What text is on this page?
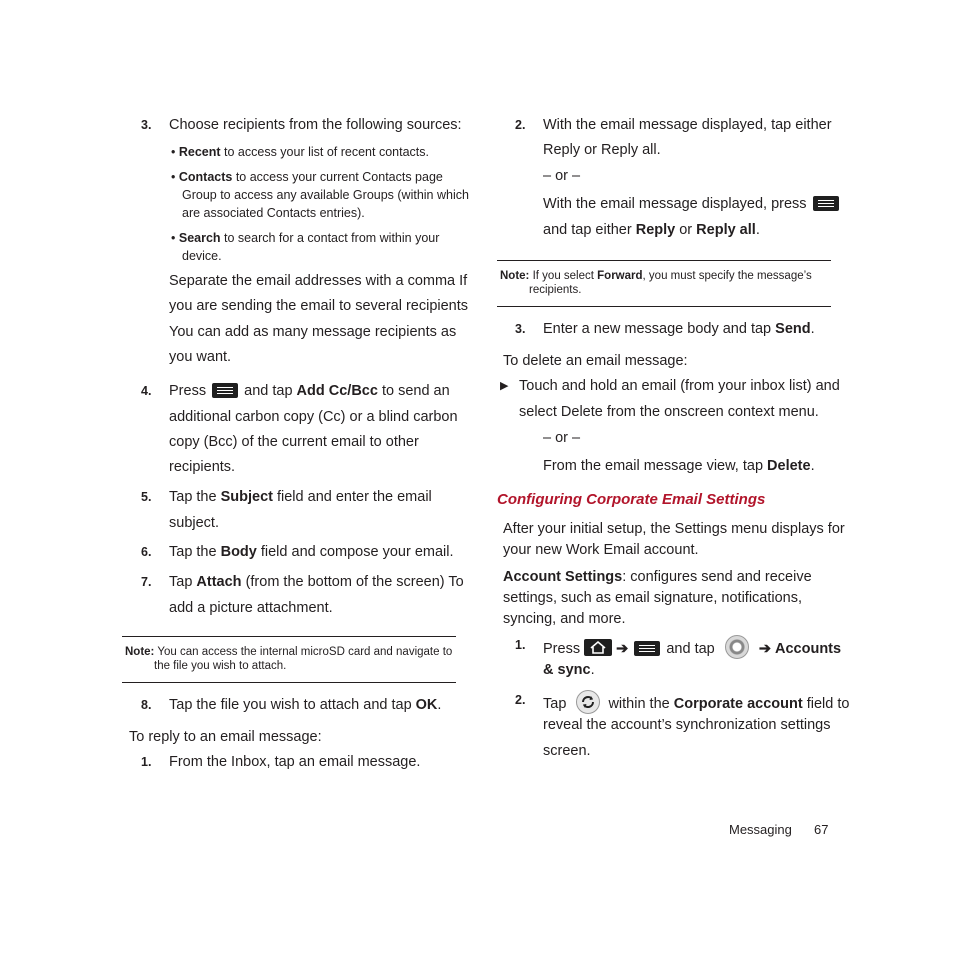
3. Choose recipients from the following sources:
• Recent to access your list of recent contacts.
• Contacts to access your current Contacts page
Group to access any available Groups (within which
are associated Contacts entries).
• Search to search for a contact from within your
device.
Separate the email addresses with a comma If
you are sending the email to several recipients
You can add as many message recipients as
you want.
4. Press  and tap Add Cc/Bcc to send an
additional carbon copy (Cc) or a blind carbon
copy (Bcc) of the current email to other
recipients.
5. Tap the Subject field and enter the email
subject.
6. Tap the Body field and compose your email.
7. Tap Attach (from the bottom of the screen) To
add a picture attachment.
Note: You can access the internal microSD card and navigate to
the file you wish to attach.
8. Tap the file you wish to attach and tap OK.
To reply to an email message:
1. From the Inbox, tap an email message.
2. With the email message displayed, tap either
Reply or Reply all.
– or –
With the email message displayed, press
and tap either Reply or Reply all.
Note: If you select Forward, you must specify the message’s
recipients.
3. Enter a new message body and tap Send.
To delete an email message:
▶ Touch and hold an email (from your inbox list) and
select Delete from the onscreen context menu.
– or –
From the email message view, tap Delete.
Configuring Corporate Email Settings
After your initial setup, the Settings menu displays for
your new Work Email account.
Account Settings: configures send and receive
settings, such as email signature, notifications,
syncing, and more.
1. Press ➔	and tap	➔ Accounts
& sync.
2. Tap	within the Corporate account field to
reveal the account’s synchronization settings
screen.
Messaging 67
